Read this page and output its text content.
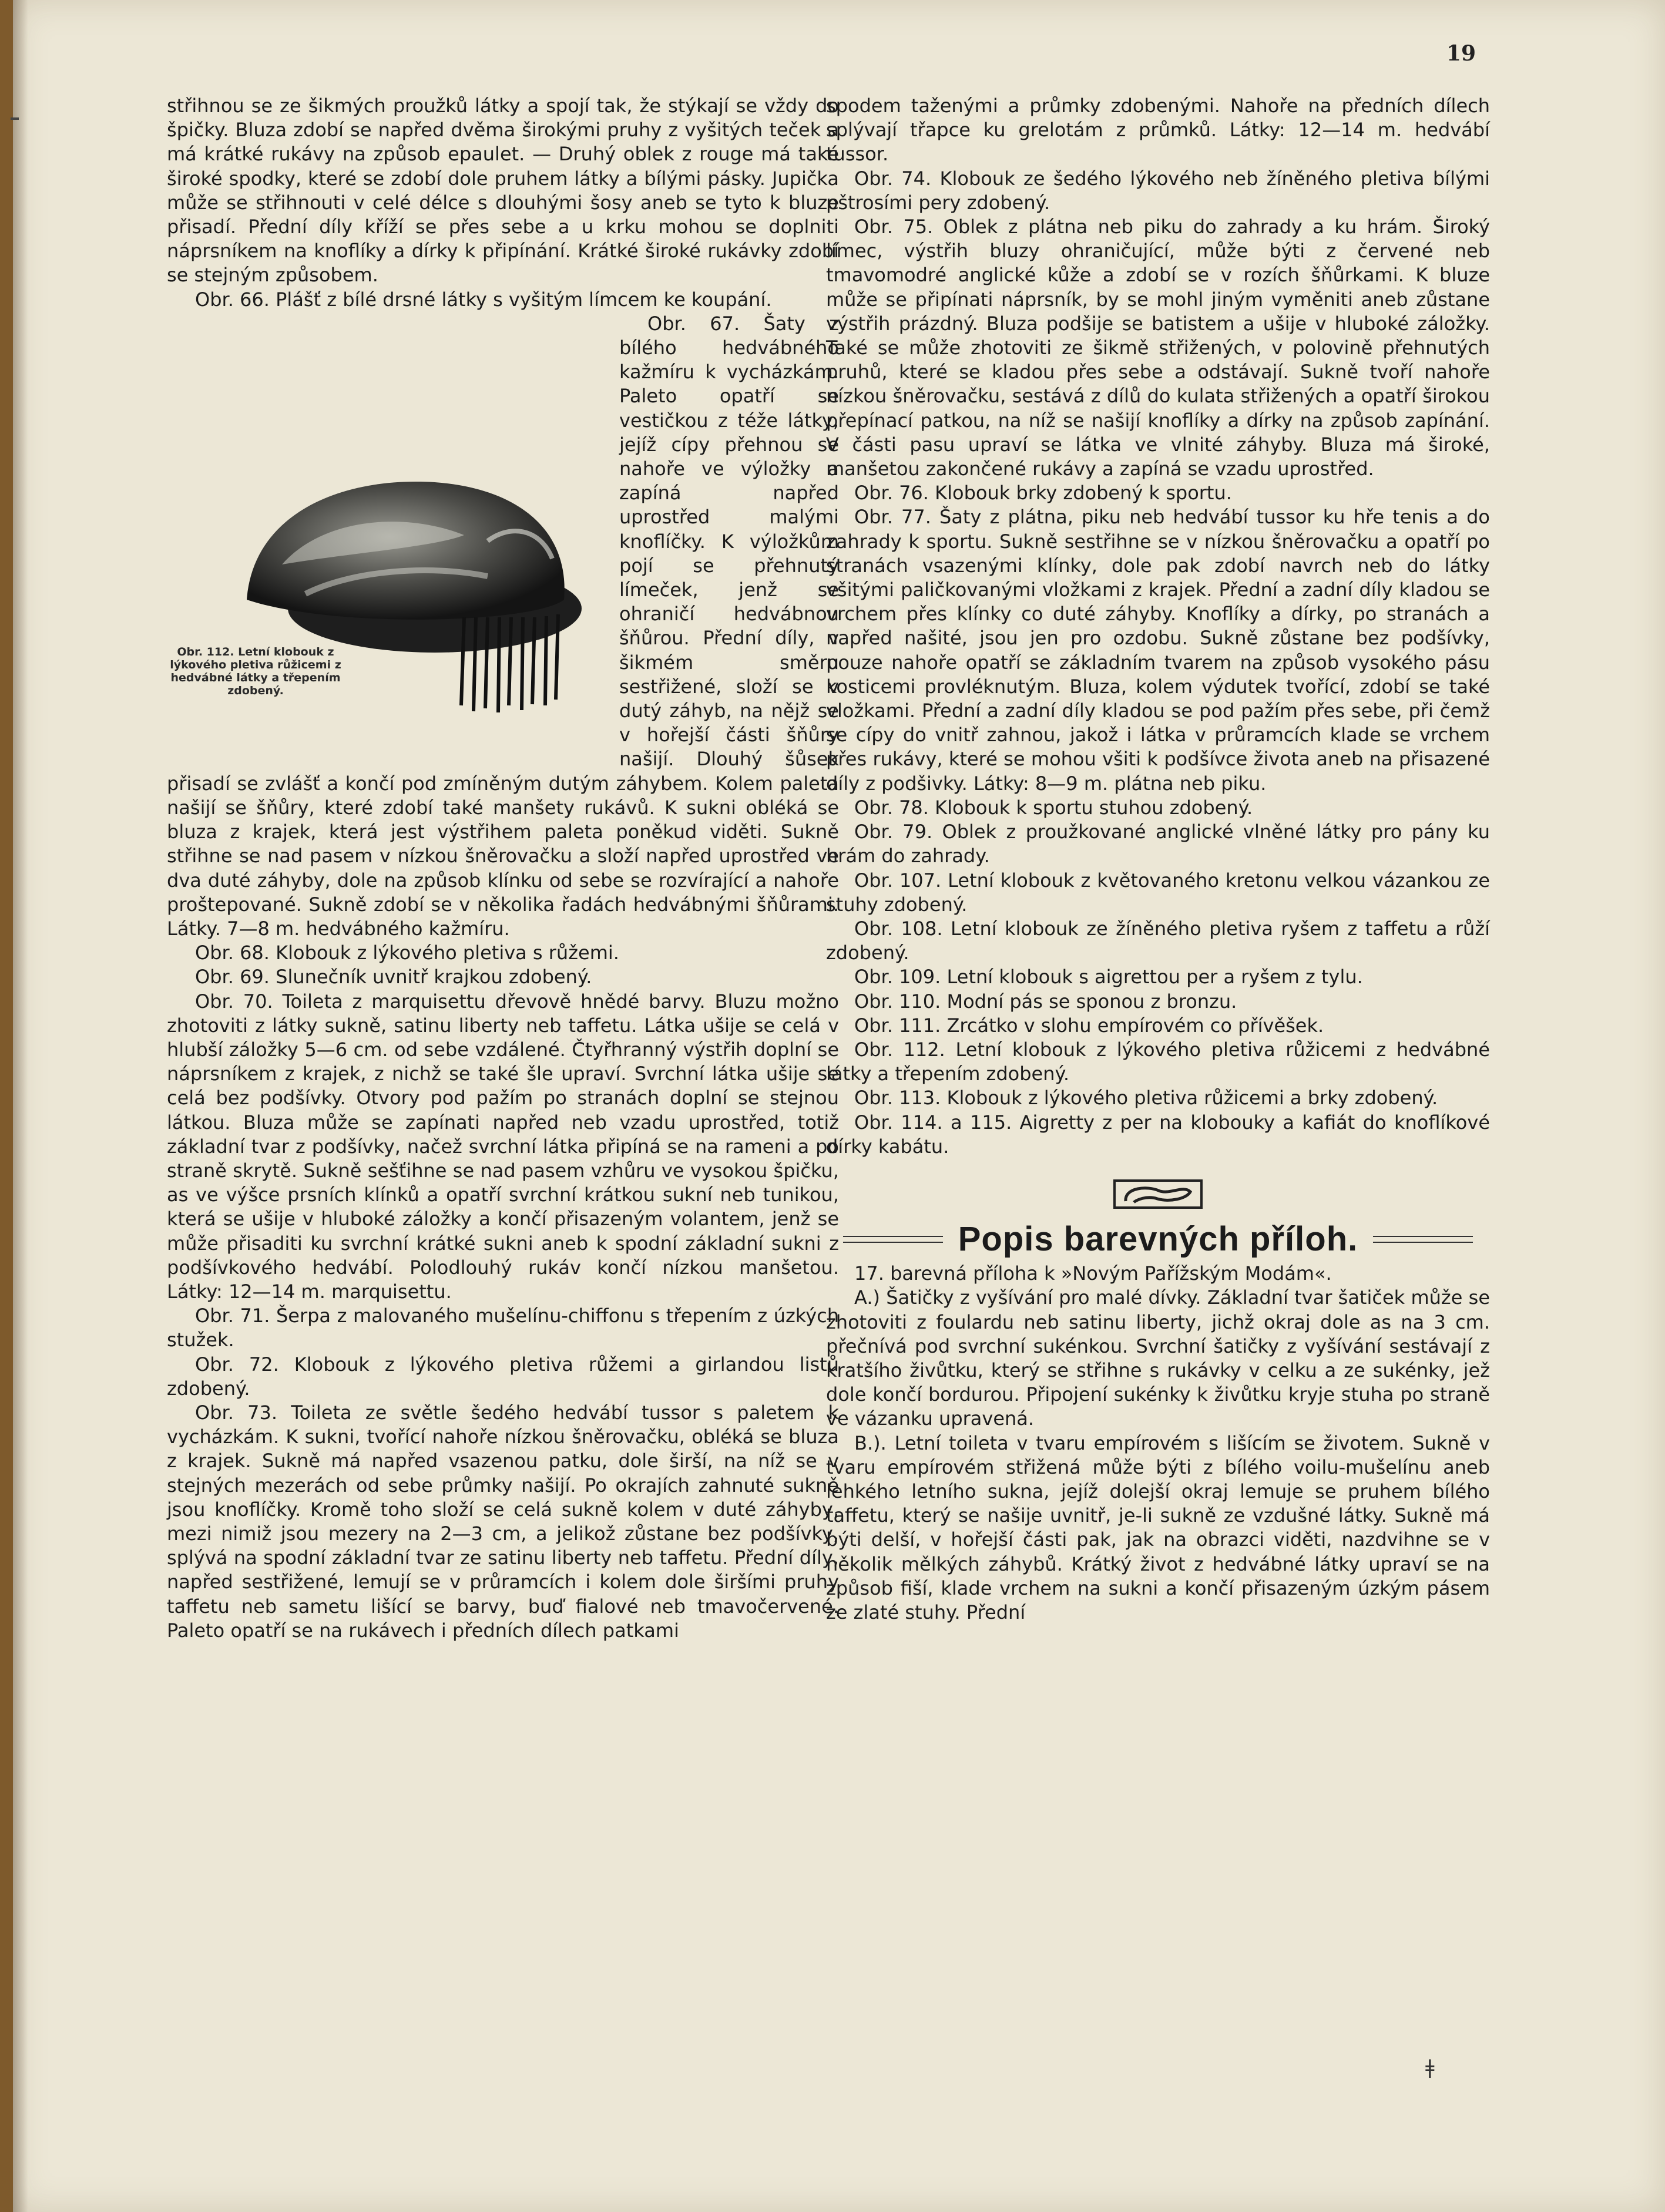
19

střihnou se ze šikmých proužků látky a spojí tak, že stýkají se vždy do špičky. Bluza zdobí se napřed dvěma širokými pruhy z vyšitých teček a má krátké rukávy na způsob epaulet. — Druhý oblek z rouge má také široké spodky, které se zdobí dole pruhem látky a bílými pásky. Jupička může se střihnouti v celé délce s dlouhými šosy aneb se tyto k bluze přisadí. Přední díly kříží se přes sebe a u krku mohou se doplniti náprsníkem na knoflíky a dírky k připínání. Krátké široké rukávky zdobí se stejným způsobem.

Obr. 66. Plášť z bílé drsné látky s vyšitým límcem ke koupání.

Obr. 112. Letní klobouk z lýkového pletiva růžicemi z hedvábné látky a třepením zdobený.

Obr. 67. Šaty z bílého hedvábného kažmíru k vycházkám. Paleto opatří se vestičkou z téže látky, jejíž cípy přehnou se nahoře ve výložky a zapíná napřed uprostřed malými knoflíčky. K výložkům pojí se přehnutý límeček, jenž se ohraničí hedvábnou šňůrou. Přední díly, v šikmém směru sestřižené, složí se v dutý záhyb, na nějž se v hořejší části šňůry našijí. Dlouhý šůsek přisadí se zvlášť a končí pod zmíněným dutým záhybem. Kolem paleta našijí se šňůry, které zdobí také manšety rukávů. K sukni obléká se bluza z krajek, která jest výstřihem paleta poněkud viděti. Sukně střihne se nad pasem v nízkou šněrovačku a složí napřed uprostřed ve dva duté záhyby, dole na způsob klínku od sebe se rozvírající a nahoře proštepované. Sukně zdobí se v několika řadách hedvábnými šňůrami. Látky. 7—8 m. hedvábného kažmíru.

Obr. 68. Klobouk z lýkového pletiva s růžemi.

Obr. 69. Slunečník uvnitř krajkou zdobený.

Obr. 70. Toileta z marquisettu dřevově hnědé barvy. Bluzu možno zhotoviti z látky sukně, satinu liberty neb taffetu. Látka ušije se celá v hlubší záložky 5—6 cm. od sebe vzdálené. Čtyřhranný výstřih doplní se náprsníkem z krajek, z nichž se také šle upraví. Svrchní látka ušije se celá bez podšívky. Otvory pod pažím po stranách doplní se stejnou látkou. Bluza může se zapínati napřed neb vzadu uprostřed, totiž základní tvar z podšívky, načež svrchní látka připíná se na rameni a po straně skrytě. Sukně sešťihne se nad pasem vzhůru ve vysokou špičku, as ve výšce prsních klínků a opatří svrchní krátkou sukní neb tunikou, která se ušije v hluboké záložky a končí přisazeným volantem, jenž se může přisaditi ku svrchní krátké sukni aneb k spodní základní sukni z podšívkového hedvábí. Polodlouhý rukáv končí nízkou manšetou. Látky: 12—14 m. marquisettu.

Obr. 71. Šerpa z malovaného mušelínu-chiffonu s třepením z úzkých stužek.

Obr. 72. Klobouk z lýkového pletiva růžemi a girlandou listů zdobený.

Obr. 73. Toileta ze světle šedého hedvábí tussor s paletem k vycházkám. K sukni, tvořící nahoře nízkou šněrovačku, obléká se bluza z krajek. Sukně má napřed vsazenou patku, dole širší, na níž se v stejných mezerách od sebe průmky našijí. Po okrajích zahnuté sukně jsou knoflíčky. Kromě toho složí se celá sukně kolem v duté záhyby, mezi nimiž jsou mezery na 2—3 cm, a jelikož zůstane bez podšívky, splývá na spodní základní tvar ze satinu liberty neb taffetu. Přední díly, napřed sestřižené, lemují se v průramcích i kolem dole širšími pruhy taffetu neb sametu lišící se barvy, buď fialové neb tmavočervené. Paleto opatří se na rukávech i předních dílech patkami

spodem taženými a průmky zdobenými. Nahoře na předních dílech splývají třapce ku grelotám z průmků. Látky: 12—14 m. hedvábí tussor.

Obr. 74. Klobouk ze šedého lýkového neb žíněného pletiva bílými pštrosími pery zdobený.

Obr. 75. Oblek z plátna neb piku do zahrady a ku hrám. Široký límec, výstřih bluzy ohraničující, může býti z červené neb tmavomodré anglické kůže a zdobí se v rozích šňůrkami. K bluze může se připínati náprsník, by se mohl jiným vyměniti aneb zůstane výstřih prázdný. Bluza podšije se batistem a ušije v hluboké záložky. Také se může zhotoviti ze šikmě střižených, v polovině přehnutých pruhů, které se kladou přes sebe a odstávají. Sukně tvoří nahoře nízkou šněrovačku, sestává z dílů do kulata střižených a opatří širokou přepínací patkou, na níž se našijí knoflíky a dírky na způsob zapínání. V části pasu upraví se látka ve vlnité záhyby. Bluza má široké, manšetou zakončené rukávy a zapíná se vzadu uprostřed.

Obr. 76. Klobouk brky zdobený k sportu.

Obr. 77. Šaty z plátna, piku neb hedvábí tussor ku hře tenis a do zahrady k sportu. Sukně sestřihne se v nízkou šněrovačku a opatří po stranách vsazenými klínky, dole pak zdobí navrch neb do látky všitými paličkovanými vložkami z krajek. Přední a zadní díly kladou se vrchem přes klínky co duté záhyby. Knoflíky a dírky, po stranách a napřed našité, jsou jen pro ozdobu. Sukně zůstane bez podšívky, pouze nahoře opatří se základním tvarem na způsob vysokého pásu kosticemi provléknutým. Bluza, kolem výdutek tvořící, zdobí se také vložkami. Přední a zadní díly kladou se pod pažím přes sebe, při čemž se cípy do vnitř zahnou, jakož i látka v průramcích klade se vrchem přes rukávy, které se mohou všiti k podšívce života aneb na přisazené díly z podšivky. Látky: 8—9 m. plátna neb piku.

Obr. 78. Klobouk k sportu stuhou zdobený.

Obr. 79. Oblek z proužkované anglické vlněné látky pro pány ku hrám do zahrady.

Obr. 107. Letní klobouk z květovaného kretonu velkou vázankou ze stuhy zdobený.

Obr. 108. Letní klobouk ze žíněného pletiva ryšem z taffetu a růží zdobený.

Obr. 109. Letní klobouk s aigrettou per a ryšem z tylu.

Obr. 110. Modní pás se sponou z bronzu.

Obr. 111. Zrcátko v slohu empírovém co přívěšek.

Obr. 112. Letní klobouk z lýkového pletiva růžicemi z hedvábné látky a třepením zdobený.

Obr. 113. Klobouk z lýkového pletiva růžicemi a brky zdobený.

Obr. 114. a 115. Aigretty z per na klobouky a kafiát do knoflíkové dírky kabátu.

Popis barevných příloh.

17. barevná příloha k »Novým Pařížským Modám«.

A.) Šatičky z vyšívání pro malé dívky. Základní tvar šatiček může se zhotoviti z foulardu neb satinu liberty, jichž okraj dole as na 3 cm. přečnívá pod svrchní sukénkou. Svrchní šatičky z vyšívání sestávají z kratšího živůtku, který se střihne s rukávky v celku a ze sukénky, jež dole končí bordurou. Připojení sukénky k živůtku kryje stuha po straně ve vázanku upravená.

B.). Letní toileta v tvaru empírovém s lišícím se životem. Sukně v tvaru empírovém střižená může býti z bílého voilu-mušelínu aneb lehkého letního sukna, jejíž dolejší okraj lemuje se pruhem bílého taffetu, který se našije uvnitř, je-li sukně ze vzdušné látky. Sukně má býti delší, v hořejší části pak, jak na obrazci viděti, nazdvihne se v několik mělkých záhybů. Krátký život z hedvábné látky upraví se na způsob fiší, klade vrchem na sukni a končí přisazeným úzkým pásem ze zlaté stuhy. Přední

ǂ
